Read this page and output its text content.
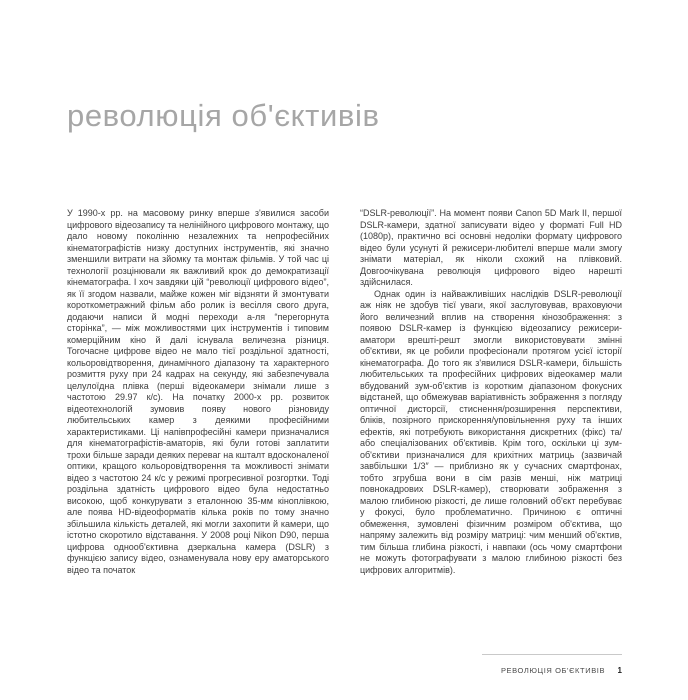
революція об'єктивів

У 1990-х рр. на масовому ринку вперше з'явилися засоби цифрового відеозапису та нелінійного цифрового монтажу, що дало новому поколінню незалежних та непрофесійних кінематографістів низку доступних інструментів, які значно зменшили витрати на зйомку та монтаж фільмів. У той час ці технології розцінювали як важливий крок до демократизації кінематографа. І хоч завдяки цій “революції цифрового відео”, як її згодом назвали, майже кожен міг відзняти й змонтувати короткометражний фільм або ролик із весілля свого друга, додаючи написи й модні переходи а-ля “перегорнута сторінка”, — між можливостями цих інструментів і типовим комерційним кіно й далі існувала величезна різниця. Тогочасне цифрове відео не мало тієї роздільної здатності, кольоровідтворення, динамічного діапазону та характерного розмиття руху при 24 кадрах на секунду, які забезпечувала целулоїдна плівка (перші відеокамери знімали лише з частотою 29.97 к/с). На початку 2000-х рр. розвиток відеотехнологій зумовив появу нового різновиду любительських камер з деякими професійними характеристиками. Ці напівпрофесійні камери призначалися для кінематографістів-аматорів, які були готові заплатити трохи більше заради деяких переваг на кшталт вдосконаленої оптики, кращого кольоровідтворення та можливості знімати відео з частотою 24 к/с у режимі прогресивної розгортки. Тоді роздільна здатність цифрового відео була недостатньо високою, щоб конкурувати з еталонною 35-мм кіноплівкою, але поява HD-відеоформатів кілька років по тому значно збільшила кількість деталей, які могли захопити й камери, що істотно скоротило відставання. У 2008 році Nikon D90, перша цифрова однооб'єктивна дзеркальна камера (DSLR) з функцією запису відео, ознаменувала нову еру аматорського відео та початок

“DSLR-революції”. На момент появи Canon 5D Mark II, першої DSLR-камери, здатної записувати відео у форматі Full HD (1080p), практично всі основні недоліки формату цифрового відео були усунуті й режисери-любителі вперше мали змогу знімати матеріал, як ніколи схожий на плівковий. Довгоочікувана революція цифрового відео нарешті здійснилася.

Однак один із найважливіших наслідків DSLR-революції аж ніяк не здобув тієї уваги, якої заслуговував, враховуючи його величезний вплив на створення кінозображення: з появою DSLR-камер із функцією відеозапису режисери-аматори врешті-решт змогли використовувати змінні об'єктиви, як це робили професіонали протягом усієї історії кінематографа. До того як з'явилися DSLR-камери, більшість любительських та професійних цифрових відеокамер мали вбудований зум-об'єктив із коротким діапазоном фокусних відстаней, що обмежував варіативність зображення з погляду оптичної дисторсії, стиснення/розширення перспективи, бліків, позірного прискорення/уповільнення руху та інших ефектів, які потребують використання дискретних (фікс) та/або спеціалізованих об'єктивів. Крім того, оскільки ці зум-об'єктиви призначалися для крихітних матриць (зазвичай завбільшки 1/3″ — приблизно як у сучасних смартфонах, тобто згрубша вони в сім разів менші, ніж матриці повнокадрових DSLR-камер), створювати зображення з малою глибиною різкості, де лише головний об'єкт перебуває у фокусі, було проблематично. Причиною є оптичні обмеження, зумовлені фізичним розміром об'єктива, що напряму залежить від розміру матриці: чим менший об'єктив, тим більша глибина різкості, і навпаки (ось чому смартфони не можуть фотографувати з малою глибиною різкості без цифрових алгоритмів).

РЕВОЛЮЦІЯ ОБ'ЄКТИВІВ 1
